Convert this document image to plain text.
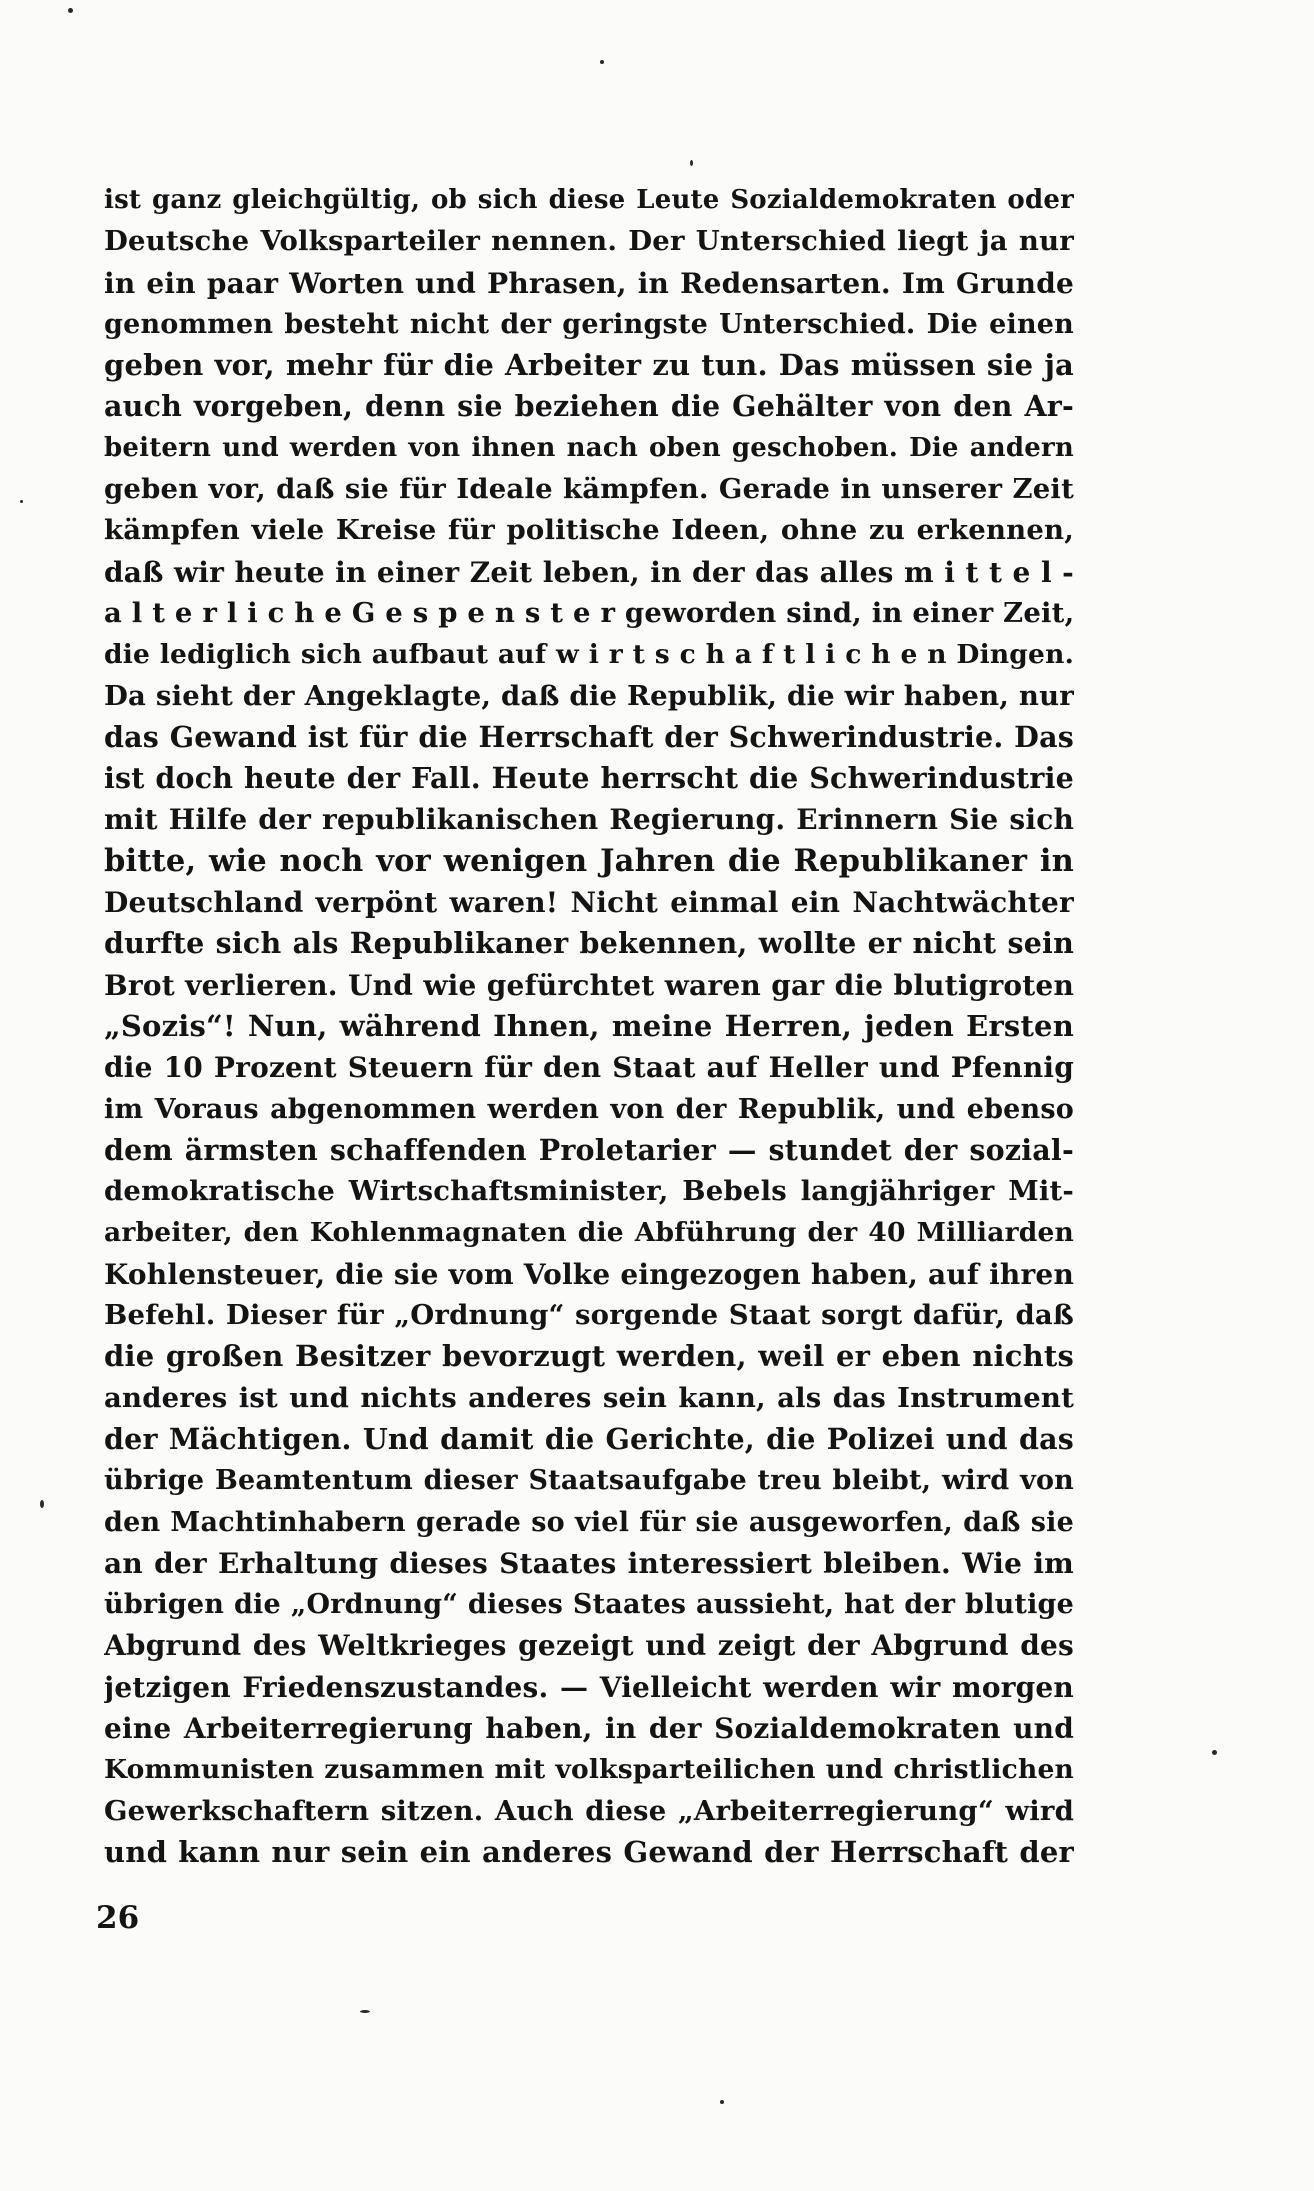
ist ganz gleichgültig, ob sich diese Leute Sozialdemokraten oder
Deutsche Volksparteiler nennen. Der Unterschied liegt ja nur
in ein paar Worten und Phrasen, in Redensarten. Im Grunde
genommen besteht nicht der geringste Unterschied. Die einen
geben vor, mehr für die Arbeiter zu tun. Das müssen sie ja
auch vorgeben, denn sie beziehen die Gehälter von den Ar-
beitern und werden von ihnen nach oben geschoben. Die andern
geben vor, daß sie für Ideale kämpfen. Gerade in unserer Zeit
kämpfen viele Kreise für politische Ideen, ohne zu erkennen,
daß wir heute in einer Zeit leben, in der das alles m i t t e l -
a l t e r l i c h e G e s p e n s t e r geworden sind, in einer Zeit,
die lediglich sich aufbaut auf w i r t s c h a f t l i c h e n Dingen.
Da sieht der Angeklagte, daß die Republik, die wir haben, nur
das Gewand ist für die Herrschaft der Schwerindustrie. Das
ist doch heute der Fall. Heute herrscht die Schwerindustrie
mit Hilfe der republikanischen Regierung. Erinnern Sie sich
bitte, wie noch vor wenigen Jahren die Republikaner in
Deutschland verpönt waren! Nicht einmal ein Nachtwächter
durfte sich als Republikaner bekennen, wollte er nicht sein
Brot verlieren. Und wie gefürchtet waren gar die blutigroten
„Sozis“! Nun, während Ihnen, meine Herren, jeden Ersten
die 10 Prozent Steuern für den Staat auf Heller und Pfennig
im Voraus abgenommen werden von der Republik, und ebenso
dem ärmsten schaffenden Proletarier — stundet der sozial-
demokratische Wirtschaftsminister, Bebels langjähriger Mit-
arbeiter, den Kohlenmagnaten die Abführung der 40 Milliarden
Kohlensteuer, die sie vom Volke eingezogen haben, auf ihren
Befehl. Dieser für „Ordnung“ sorgende Staat sorgt dafür, daß
die großen Besitzer bevorzugt werden, weil er eben nichts
anderes ist und nichts anderes sein kann, als das Instrument
der Mächtigen. Und damit die Gerichte, die Polizei und das
übrige Beamtentum dieser Staatsaufgabe treu bleibt, wird von
den Machtinhabern gerade so viel für sie ausgeworfen, daß sie
an der Erhaltung dieses Staates interessiert bleiben. Wie im
übrigen die „Ordnung“ dieses Staates aussieht, hat der blutige
Abgrund des Weltkrieges gezeigt und zeigt der Abgrund des
jetzigen Friedenszustandes. — Vielleicht werden wir morgen
eine Arbeiterregierung haben, in der Sozialdemokraten und
Kommunisten zusammen mit volksparteilichen und christlichen
Gewerkschaftern sitzen. Auch diese „Arbeiterregierung“ wird
und kann nur sein ein anderes Gewand der Herrschaft der
26
